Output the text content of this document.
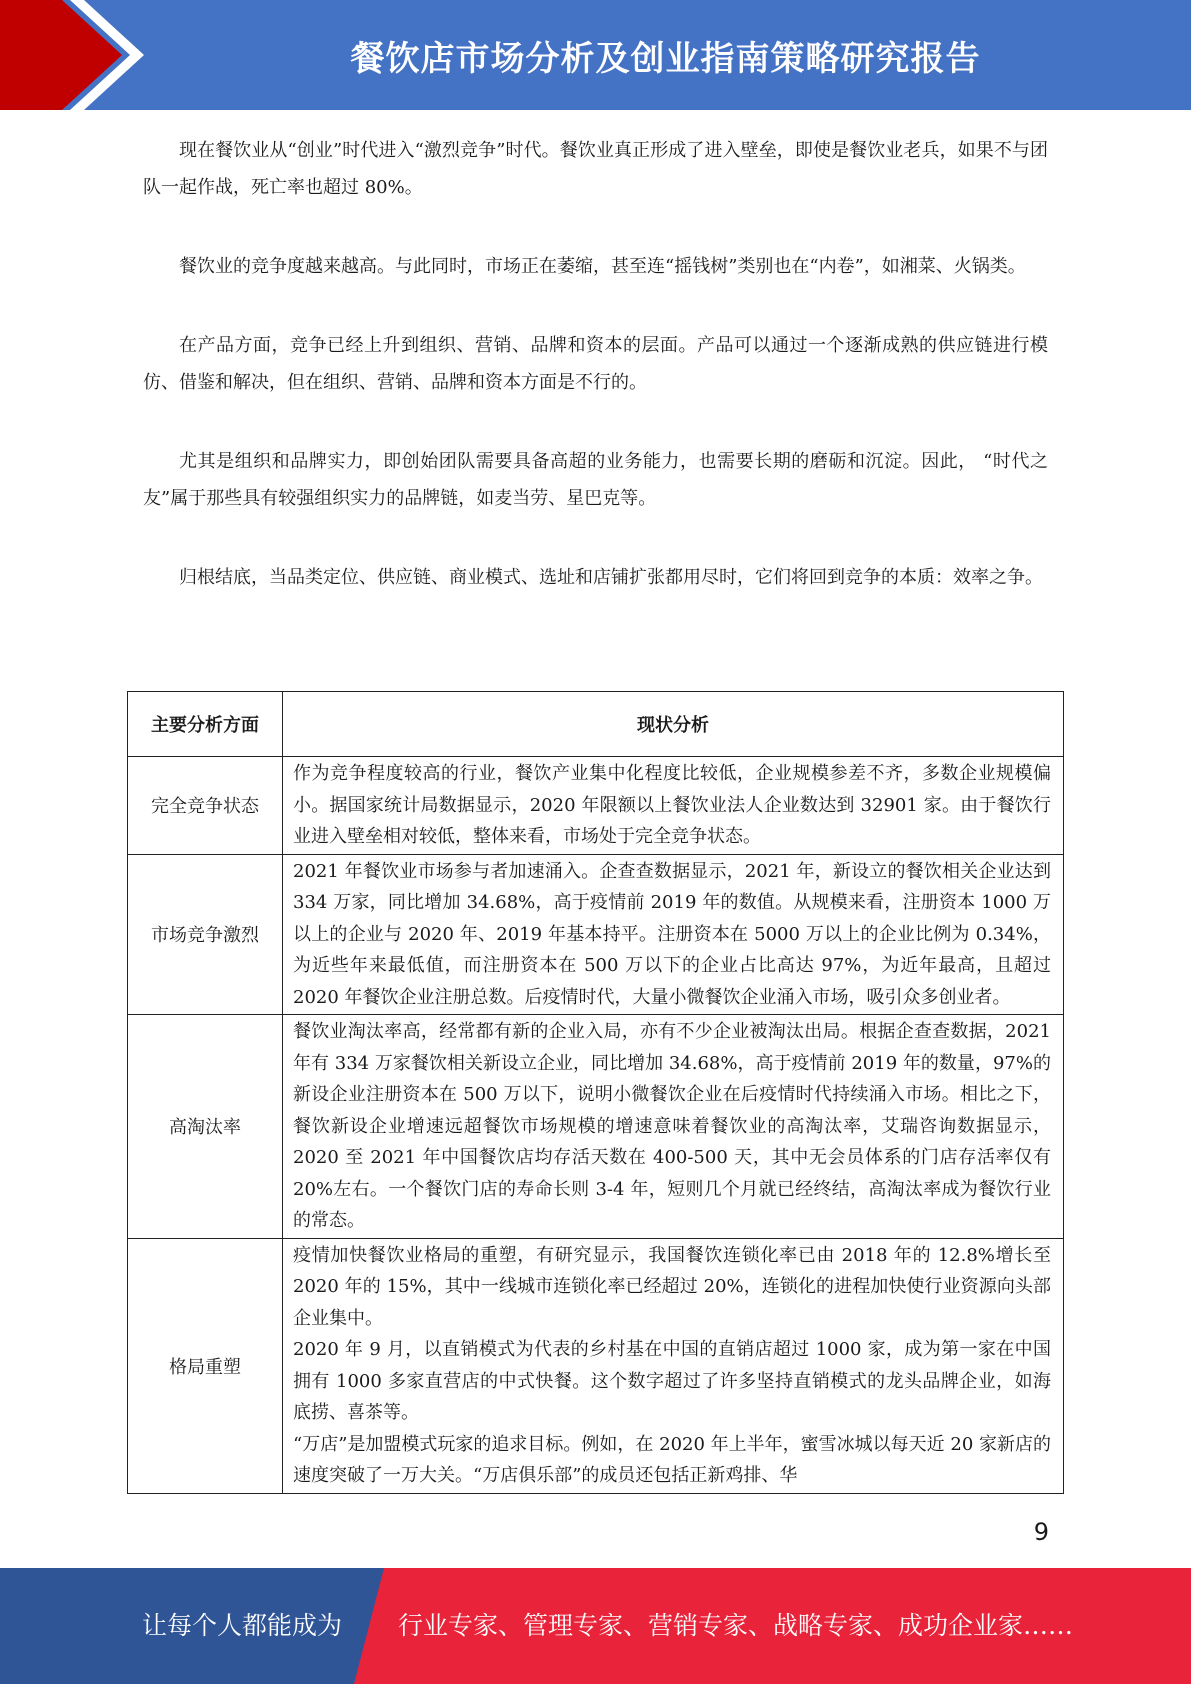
餐饮店市场分析及创业指南策略研究报告

现在餐饮业从“创业”时代进入“激烈竞争”时代。餐饮业真正形成了进入壁垒，即使是餐饮业老兵，如果不与团队一起作战，死亡率也超过 80%。

餐饮业的竞争度越来越高。与此同时，市场正在萎缩，甚至连“摇钱树”类别也在“内卷”，如湘菜、火锅类。

在产品方面，竞争已经上升到组织、营销、品牌和资本的层面。产品可以通过一个逐渐成熟的供应链进行模仿、借鉴和解决，但在组织、营销、品牌和资本方面是不行的。

尤其是组织和品牌实力，即创始团队需要具备高超的业务能力，也需要长期的磨砺和沉淀。因此， “时代之友”属于那些具有较强组织实力的品牌链，如麦当劳、星巴克等。

归根结底，当品类定位、供应链、商业模式、选址和店铺扩张都用尽时，它们将回到竞争的本质：效率之争。

主要分析方面	现状分析
完全竞争状态	作为竞争程度较高的行业，餐饮产业集中化程度比较低，企业规模参差不齐，多数企业规模偏小。据国家统计局数据显示，2020 年限额以上餐饮业法人企业数达到 32901 家。由于餐饮行业进入壁垒相对较低，整体来看，市场处于完全竞争状态。

市场竞争激烈	2021 年餐饮业市场参与者加速涌入。企查查数据显示，2021 年，新设立的餐饮相关企业达到 334 万家，同比增加 34.68%，高于疫情前 2019 年的数值。从规模来看，注册资本 1000 万以上的企业与 2020 年、2019 年基本持平。注册资本在 5000 万以上的企业比例为 0.34%，为近些年来最低值，而注册资本在 500 万以下的企业占比高达 97%，为近年最高，且超过 2020 年餐饮企业注册总数。后疫情时代，大量小微餐饮企业涌入市场，吸引众多创业者。

高淘汰率	餐饮业淘汰率高，经常都有新的企业入局，亦有不少企业被淘汰出局。根据企查查数据，2021 年有 334 万家餐饮相关新设立企业，同比增加 34.68%，高于疫情前 2019 年的数量，97%的新设企业注册资本在 500 万以下，说明小微餐饮企业在后疫情时代持续涌入市场。相比之下，餐饮新设企业增速远超餐饮市场规模的增速意味着餐饮业的高淘汰率，艾瑞咨询数据显示，2020 至 2021 年中国餐饮店均存活天数在 400-500 天，其中无会员体系的门店存活率仅有 20%左右。一个餐饮门店的寿命长则 3-4 年，短则几个月就已经终结，高淘汰率成为餐饮行业的常态。

格局重塑	疫情加快餐饮业格局的重塑，有研究显示，我国餐饮连锁化率已由 2018 年的 12.8%增长至 2020 年的 15%，其中一线城市连锁化率已经超过 20%，连锁化的进程加快使行业资源向头部企业集中。

2020 年 9 月，以直销模式为代表的乡村基在中国的直销店超过 1000 家，成为第一家在中国拥有 1000 多家直营店的中式快餐。这个数字超过了许多坚持直销模式的龙头品牌企业，如海底捞、喜茶等。

“万店”是加盟模式玩家的追求目标。例如，在 2020 年上半年，蜜雪冰城以每天近 20 家新店的速度突破了一万大关。“万店俱乐部”的成员还包括正新鸡排、华

9
让每个人都能成为 行业专家、管理专家、营销专家、战略专家、成功企业家……
